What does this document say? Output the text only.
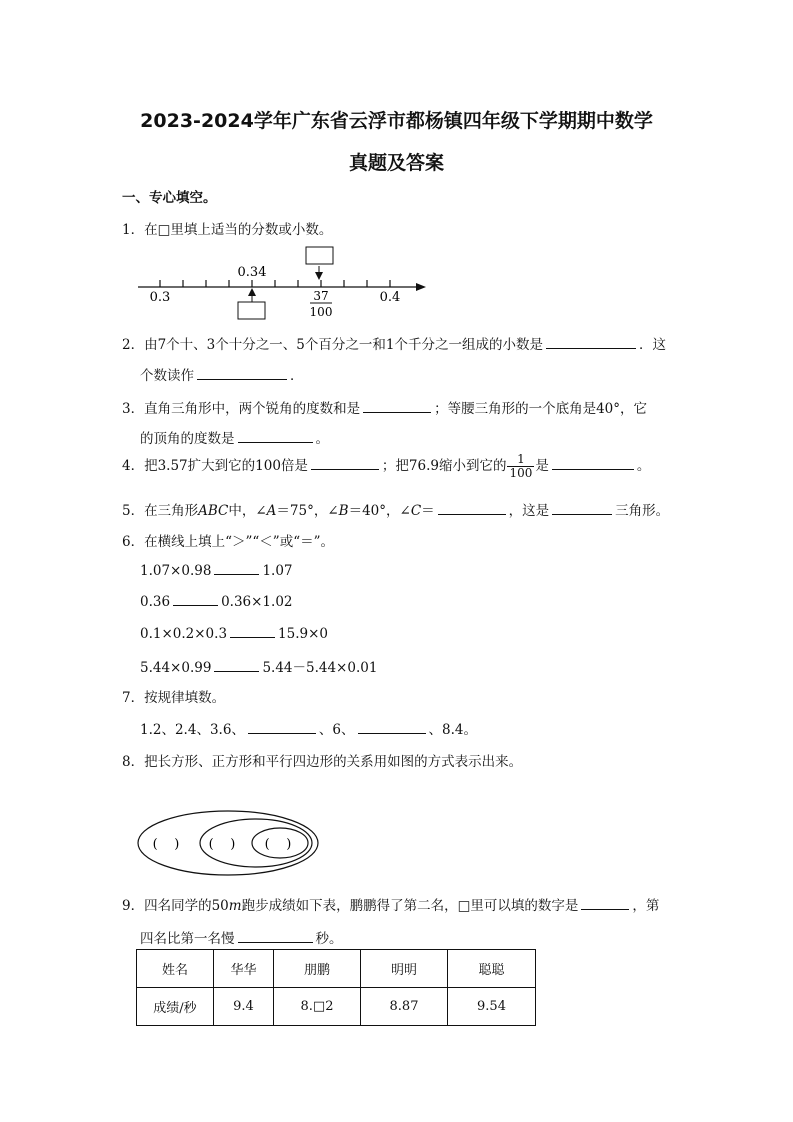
2023-2024学年广东省云浮市都杨镇四年级下学期期中数学
真题及答案
一、专心填空。
1．在□里填上适当的分数或小数。
0.3	0.4
0.34
37
100
2．由7个十、3个十分之一、5个百分之一和1个千分之一组成的小数是	．这
个数读作	．
3．直角三角形中，两个锐角的度数和是	；等腰三角形的一个底角是40°，它
的顶角的度数是	。
4．把3.57扩大到它的100倍是	；把76.9缩小到它的 $\frac{1}{100}$ 是	。
5．在三角形ABC中，∠A＝75°，∠B＝40°，∠C＝	，这是	三角形。
6．在横线上填上“＞”“＜”或“＝”。
1.07×0.98	1.07
0.36	0.36×1.02
0.1×0.2×0.3	15.9×0
5.44×0.99	5.44－5.44×0.01
7．按规律填数。
1.2、2.4、3.6、	、6、	、8.4。
8．把长方形、正方形和平行四边形的关系用如图的方式表示出来。
(    ) (    ) (    )
9．四名同学的50m跑步成绩如下表，鹏鹏得了第二名，□里可以填的数字是	，第
四名比第一名慢	秒。
姓名	华华	朋鹏	明明	聪聪
成绩/秒	9.4	8.□2	8.87	9.54
